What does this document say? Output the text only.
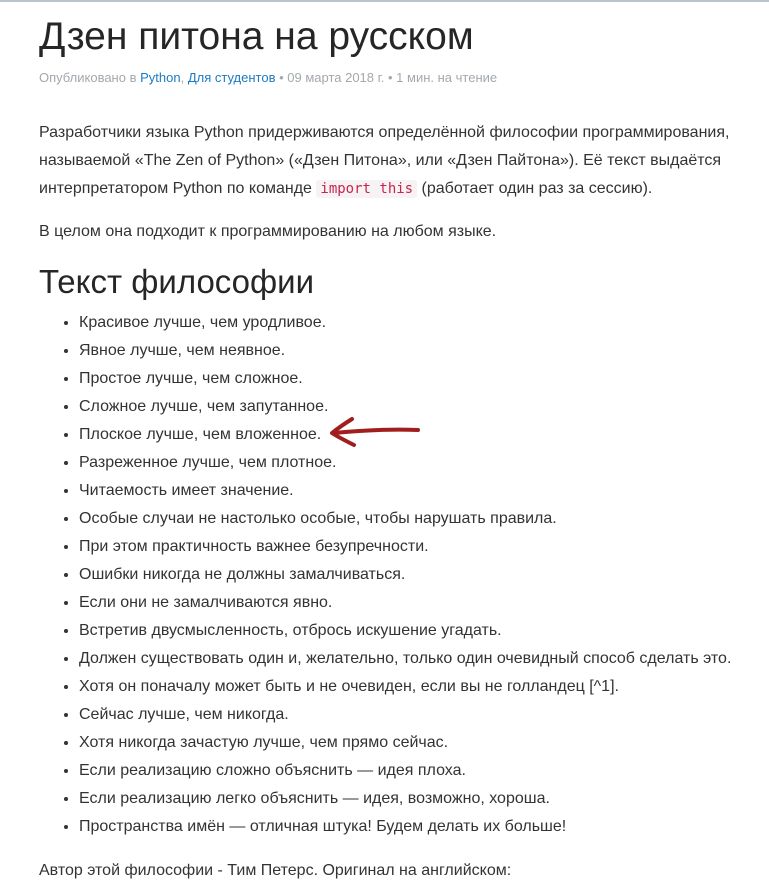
Дзен питона на русском
Опубликовано в Python, Для студентов • 09 марта 2018 г. • 1 мин. на чтение

Разработчики языка Python придерживаются определённой философии программирования, называемой «The Zen of Python» («Дзен Питона», или «Дзен Пайтона»). Её текст выдаётся интерпретатором Python по команде import this (работает один раз за сессию).

В целом она подходит к программированию на любом языке.

Текст философии
• Красивое лучше, чем уродливое.
• Явное лучше, чем неявное.
• Простое лучше, чем сложное.
• Сложное лучше, чем запутанное.
• Плоское лучше, чем вложенное.
• Разреженное лучше, чем плотное.
• Читаемость имеет значение.
• Особые случаи не настолько особые, чтобы нарушать правила.
• При этом практичность важнее безупречности.
• Ошибки никогда не должны замалчиваться.
• Если они не замалчиваются явно.
• Встретив двусмысленность, отбрось искушение угадать.
• Должен существовать один и, желательно, только один очевидный способ сделать это.
• Хотя он поначалу может быть и не очевиден, если вы не голландец [^1].
• Сейчас лучше, чем никогда.
• Хотя никогда зачастую лучше, чем прямо сейчас.
• Если реализацию сложно объяснить — идея плоха.
• Если реализацию легко объяснить — идея, возможно, хороша.
• Пространства имён — отличная штука! Будем делать их больше!

Автор этой философии - Тим Петерс. Оригинал на английском:
